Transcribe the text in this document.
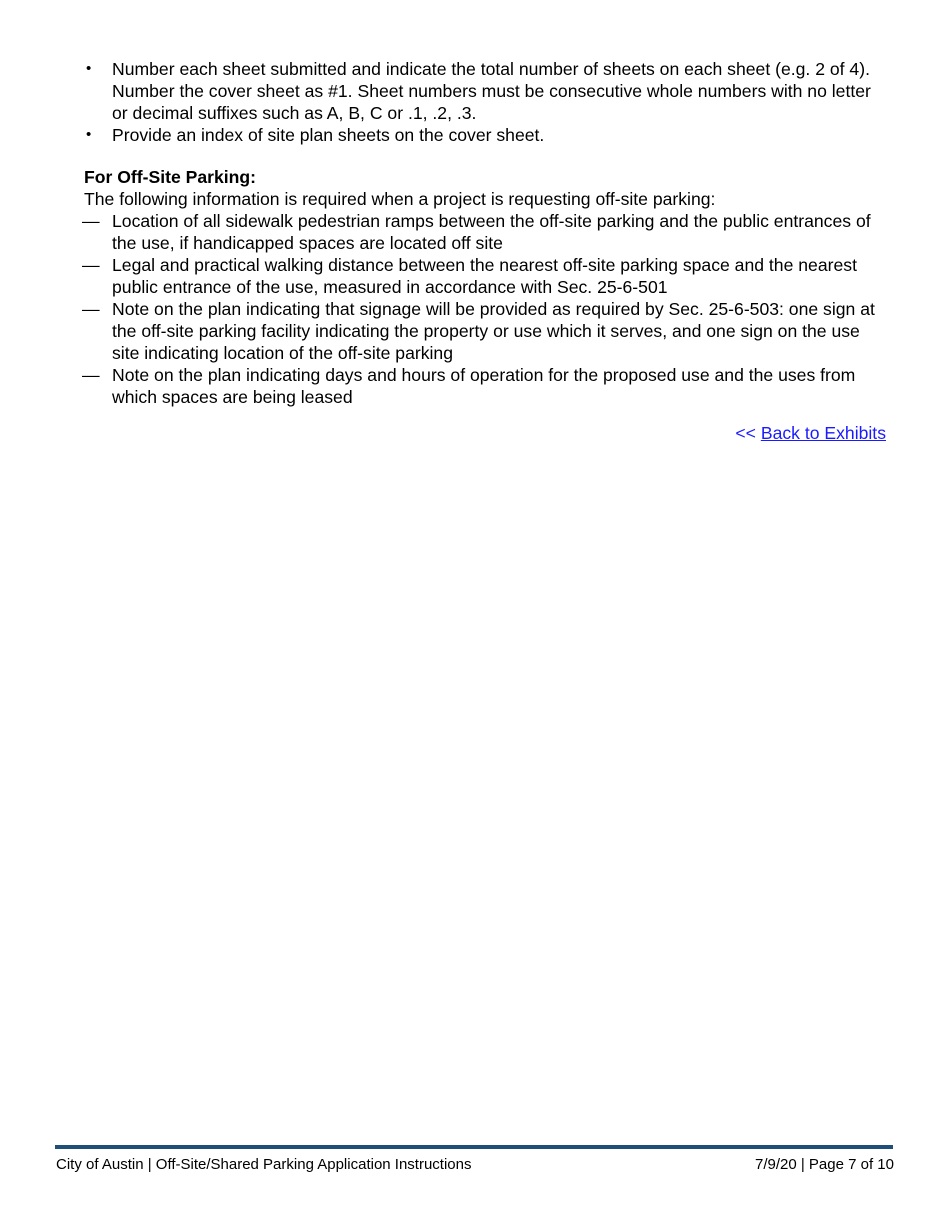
•	Number each sheet submitted and indicate the total number of sheets on each sheet (e.g. 2 of 4). Number the cover sheet as #1. Sheet numbers must be consecutive whole numbers with no letter or decimal suffixes such as A, B, C or .1, .2, .3.
•	Provide an index of site plan sheets on the cover sheet.
For Off-Site Parking:

The following information is required when a project is requesting off-site parking:

— Location of all sidewalk pedestrian ramps between the off-site parking and the public entrances of the use, if handicapped spaces are located off site
— Legal and practical walking distance between the nearest off-site parking space and the nearest public entrance of the use, measured in accordance with Sec. 25-6-501
— Note on the plan indicating that signage will be provided as required by Sec. 25-6-503: one sign at the off-site parking facility indicating the property or use which it serves, and one sign on the use site indicating location of the off-site parking
— Note on the plan indicating days and hours of operation for the proposed use and the uses from which spaces are being leased
<< Back to Exhibits
City of Austin | Off-Site/Shared Parking Application Instructions	7/9/20 | Page 7 of 10
